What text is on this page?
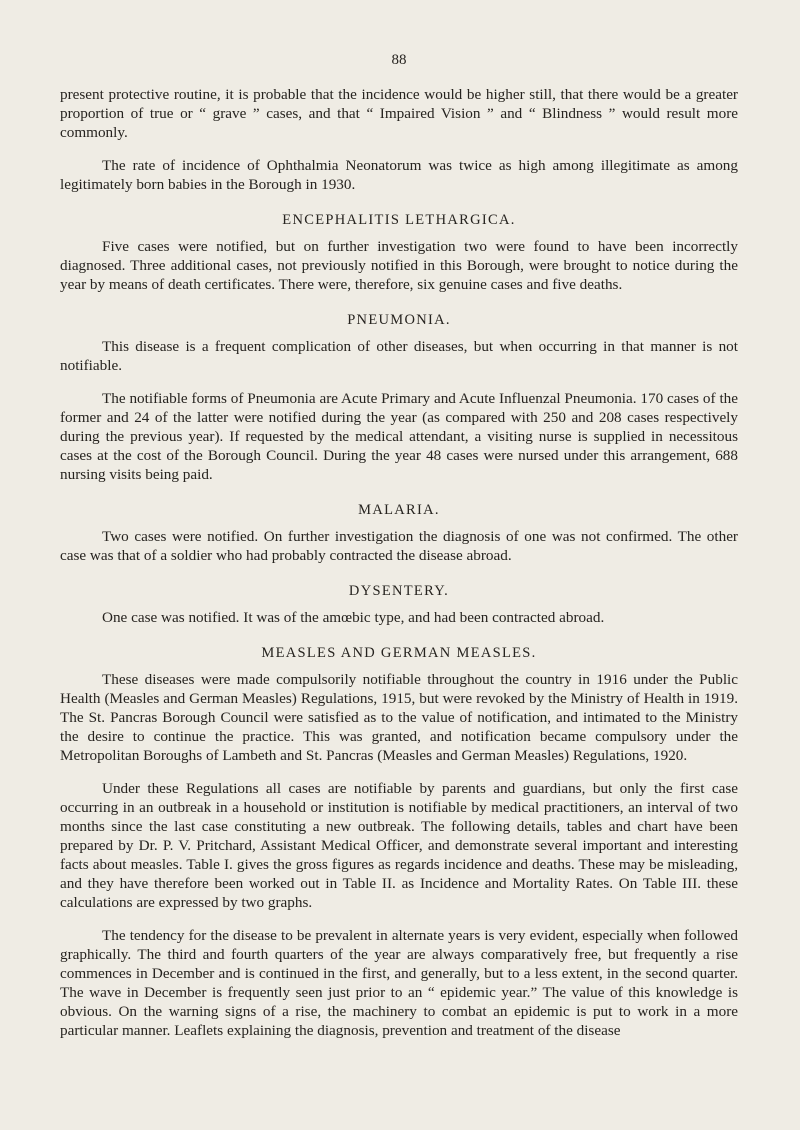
88

present protective routine, it is probable that the incidence would be higher still, that there would be a greater proportion of true or “ grave ” cases, and that “ Impaired Vision ” and “ Blindness ” would result more commonly.

The rate of incidence of Ophthalmia Neonatorum was twice as high among illegitimate as among legitimately born babies in the Borough in 1930.

ENCEPHALITIS LETHARGICA.

Five cases were notified, but on further investigation two were found to have been incorrectly diagnosed. Three additional cases, not previously notified in this Borough, were brought to notice during the year by means of death certificates. There were, therefore, six genuine cases and five deaths.

PNEUMONIA.

This disease is a frequent complication of other diseases, but when occurring in that manner is not notifiable.

The notifiable forms of Pneumonia are Acute Primary and Acute Influenzal Pneumonia. 170 cases of the former and 24 of the latter were notified during the year (as compared with 250 and 208 cases respectively during the previous year). If requested by the medical attendant, a visiting nurse is supplied in necessitous cases at the cost of the Borough Council. During the year 48 cases were nursed under this arrangement, 688 nursing visits being paid.

MALARIA.

Two cases were notified. On further investigation the diagnosis of one was not confirmed. The other case was that of a soldier who had probably contracted the disease abroad.

DYSENTERY.

One case was notified. It was of the amœbic type, and had been contracted abroad.

MEASLES AND GERMAN MEASLES.

These diseases were made compulsorily notifiable throughout the country in 1916 under the Public Health (Measles and German Measles) Regulations, 1915, but were revoked by the Ministry of Health in 1919. The St. Pancras Borough Council were satisfied as to the value of notification, and intimated to the Ministry the desire to continue the practice. This was granted, and notification became compulsory under the Metropolitan Boroughs of Lambeth and St. Pancras (Measles and German Measles) Regulations, 1920.

Under these Regulations all cases are notifiable by parents and guardians, but only the first case occurring in an outbreak in a household or institution is notifiable by medical practitioners, an interval of two months since the last case constituting a new outbreak. The following details, tables and chart have been prepared by Dr. P. V. Pritchard, Assistant Medical Officer, and demonstrate several important and interesting facts about measles. Table I. gives the gross figures as regards incidence and deaths. These may be misleading, and they have therefore been worked out in Table II. as Incidence and Mortality Rates. On Table III. these calculations are expressed by two graphs.

The tendency for the disease to be prevalent in alternate years is very evident, especially when followed graphically. The third and fourth quarters of the year are always comparatively free, but frequently a rise commences in December and is continued in the first, and generally, but to a less extent, in the second quarter. The wave in December is frequently seen just prior to an “ epidemic year.” The value of this knowledge is obvious. On the warning signs of a rise, the machinery to combat an epidemic is put to work in a more particular manner. Leaflets explaining the diagnosis, prevention and treatment of the disease
